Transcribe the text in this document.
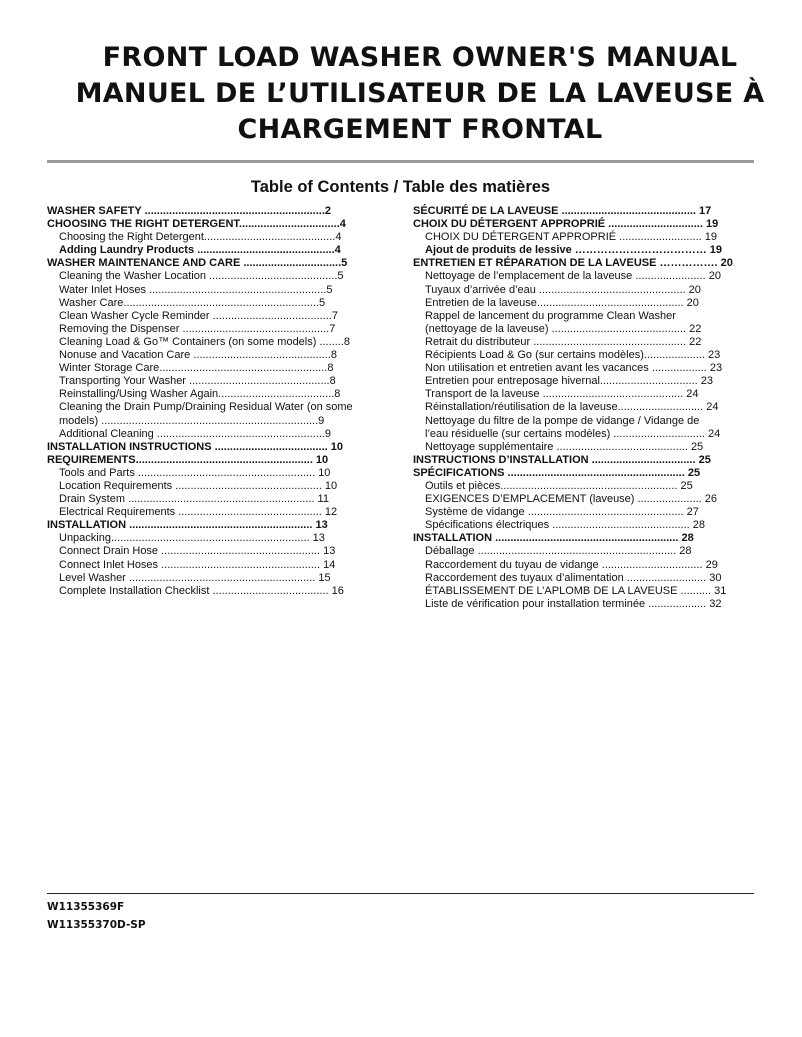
FRONT LOAD WASHER OWNER'S MANUAL
MANUEL DE L’UTILISATEUR DE LA LAVEUSE À
CHARGEMENT FRONTAL
Table of Contents / Table des matières
WASHER SAFETY ...........................................................2
CHOOSING THE RIGHT DETERGENT.................................4
Choosing the Right Detergent...........................................4
Adding Laundry Products .............................................4
WASHER MAINTENANCE AND CARE ................................5
Cleaning the Washer Location ..........................................5
Water Inlet Hoses ..........................................................5
Washer Care................................................................5
Clean Washer Cycle Reminder .......................................7
Removing the Dispenser ................................................7
Cleaning Load & Go™ Containers (on some models) ........8
Nonuse and Vacation Care .............................................8
Winter Storage Care.......................................................8
Transporting Your Washer ..............................................8
Reinstalling/Using Washer Again......................................8
Cleaning the Drain Pump/Draining Residual Water (on some
models) .......................................................................9
Additional Cleaning .......................................................9
INSTALLATION INSTRUCTIONS ..................................... 10
REQUIREMENTS.......................................................... 10
Tools and Parts .......................................................... 10
Location Requirements ................................................ 10
Drain System ............................................................. 11
Electrical Requirements ............................................... 12
INSTALLATION ............................................................ 13
Unpacking................................................................. 13
Connect Drain Hose .................................................... 13
Connect Inlet Hoses .................................................... 14
Level Washer ............................................................. 15
Complete Installation Checklist ...................................... 16
SÉCURITÉ DE LA LAVEUSE ............................................ 17
CHOIX DU DÉTERGENT APPROPRIÉ ............................... 19
CHOIX DU DÉTERGENT APPROPRIÉ ........................... 19
Ajout de produits de lessive ……………………………… 19
ENTRETIEN ET RÉPARATION DE LA LAVEUSE ……………. 20
Nettoyage de l’emplacement de la laveuse ....................... 20
Tuyaux d’arrivée d’eau ................................................ 20
Entretien de la laveuse................................................ 20
Rappel de lancement du programme Clean Washer
(nettoyage de la laveuse) ............................................ 22
Retrait du distributeur .................................................. 22
Récipients Load & Go (sur certains modèles).................... 23
Non utilisation et entretien avant les vacances .................. 23
Entretien pour entreposage hivernal................................ 23
Transport de la laveuse .............................................. 24
Réinstallation/réutilisation de la laveuse............................ 24
Nettoyage du filtre de la pompe de vidange / Vidange de
l’eau résiduelle (sur certains modèles) .............................. 24
Nettoyage supplémentaire ........................................... 25
INSTRUCTIONS D’INSTALLATION .................................. 25
SPÉCIFICATIONS .......................................................... 25
Outils et pièces.......................................................... 25
EXIGENCES D’EMPLACEMENT (laveuse) ..................... 26
Système de vidange ................................................... 27
Spécifications électriques ............................................. 28
INSTALLATION ............................................................ 28
Déballage ................................................................. 28
Raccordement du tuyau de vidange ................................. 29
Raccordement des tuyaux d’alimentation .......................... 30
ÉTABLISSEMENT DE L’APLOMB DE LA LAVEUSE .......... 31
Liste de vérification pour installation terminée ................... 32
W11355369F
W11355370D-SP
